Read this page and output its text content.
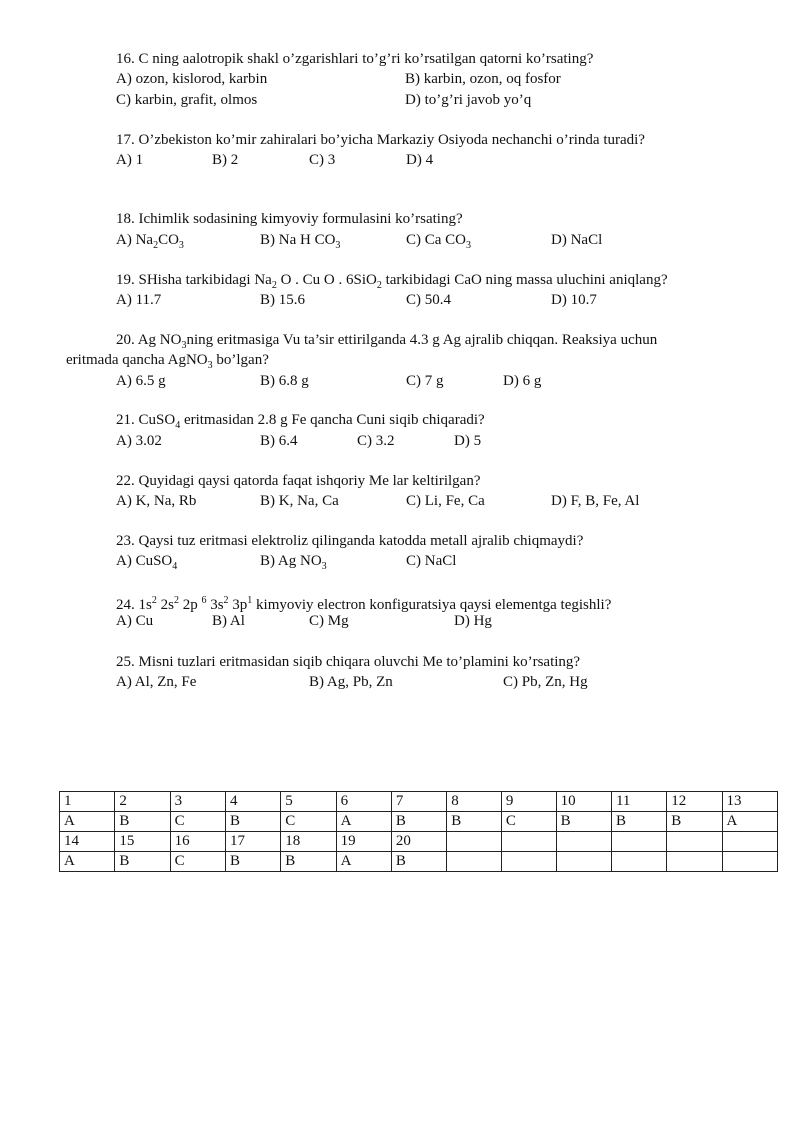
16. C ning aalotropik shakl o’zgarishlari to’g’ri ko’rsatilgan qatorni ko’rsating?
A) ozon, kislorod, karbin	B) karbin, ozon, oq fosfor
C) karbin, grafit, olmos	D) to’g’ri javob yo’q
17. O’zbekiston ko’mir zahiralari bo’yicha Markaziy Osiyoda nechanchi o’rinda turadi?
A) 1	B) 2	C) 3	D) 4
18. Ichimlik sodasining kimyoviy formulasini ko’rsating?
A) $Na_2CO_3$	B) Na H $CO_3$	C) Ca $CO_3$	D) NaCl
19. SHisha tarkibidagi $Na_2$ O . Cu O . 6SiO$_2$ tarkibidagi CaO ning massa uluchini aniqlang?
A) 11.7	B) 15.6	C) 50.4	D) 10.7
20. Ag $NO_3ning$ eritmasiga Vu ta’sir ettirilganda 4.3 g Ag ajralib chiqqan. Reaksiya uchun
eritmada qancha AgNO$_3$ bo’lgan?
A) 6.5 g	B) 6.8 g	C) 7 g	D) 6 g
21. CuSO$_4$ eritmasidan 2.8 g Fe qancha Cuni siqib chiqaradi?
A) 3.02	B) 6.4	C) 3.2	D) 5
22. Quyidagi qaysi qatorda faqat ishqoriy Me lar keltirilgan?
A) K, Na, Rb	B) K, Na, Ca	C) Li, Fe, Ca	D) F, B, Fe, Al
23. Qaysi tuz eritmasi elektroliz qilinganda katodda metall ajralib chiqmaydi?
A) CuSO$_4$	B) Ag $NO_3$	C) NaCl
24. $1s^2$ $2s^2$ 2p $^6$ $3s^2$ $3p^1$ kimyoviy electron konfiguratsiya qaysi elementga tegishli?
A) Cu	B) Al	C) Mg	D) Hg
25. Misni tuzlari eritmasidan siqib chiqara oluvchi Me to’plamini ko’rsating?
A) Al, Zn, Fe	B) Ag, Pb, Zn	C) Pb, Zn, Hg
1	2	3	4	5	6	7	8	9	10	11	12	13
A	B	C	B	C	A	B	B	C	B	B	B	A
14	15	16	17	18	19	20						
A	B	C	B	B	A	B						
